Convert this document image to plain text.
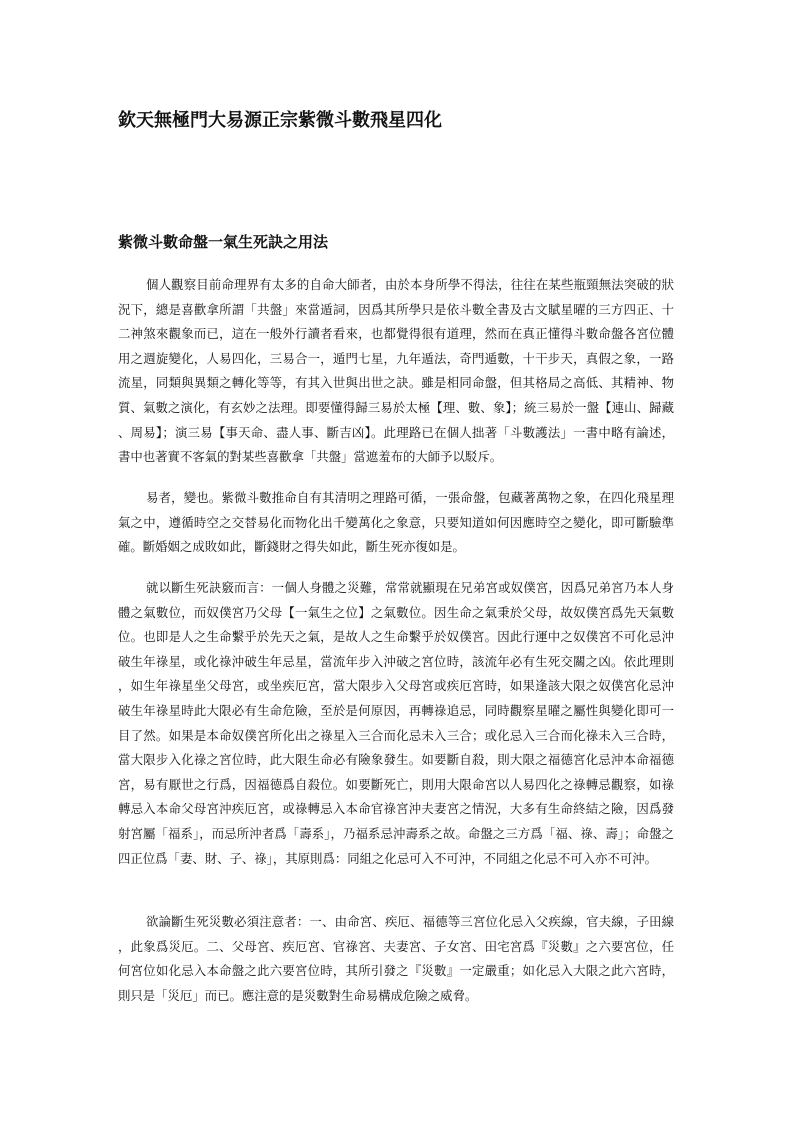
欽天無極門大易源正宗紫微斗數飛星四化
紫微斗數命盤一氣生死訣之用法

個人觀察目前命理界有太多的自命大師者，由於本身所學不得法，往往在某些瓶頸無法突破的狀況下，總是喜歡拿所謂「共盤」來當遁詞，因爲其所學只是依斗數全書及古文賦星曜的三方四正、十二神煞來觀象而已，這在一般外行讀者看來，也都覺得很有道理，然而在真正懂得斗數命盤各宮位體用之週旋變化，人易四化，三易合一，遁門七星，九年遁法，奇門遁數，十干步天，真假之象，一路流星，同類與異類之轉化等等，有其入世與出世之訣。雖是相同命盤，但其格局之高低、其精神、物質、氣數之演化，有玄妙之法理。即要懂得歸三易於太極【理、數、象】；統三易於一盤【連山、歸藏、周易】；演三易【事天命、盡人事、斷吉凶】。此理路已在個人拙著「斗數護法」一書中略有論述，書中也著實不客氣的對某些喜歡拿「共盤」當遮羞布的大師予以駁斥。

易者，變也。紫微斗數推命自有其清明之理路可循，一張命盤，包藏著萬物之象，在四化飛星理氣之中，遵循時空之交替易化而物化出千變萬化之象意，只要知道如何因應時空之變化，即可斷驗準確。斷婚姻之成敗如此，斷錢財之得失如此，斷生死亦復如是。

就以斷生死訣竅而言：一個人身體之災難，常常就顯現在兄弟宮或奴僕宮，因爲兄弟宮乃本人身體之氣數位，而奴僕宮乃父母【一氣生之位】之氣數位。因生命之氣秉於父母，故奴僕宮爲先天氣數位。也即是人之生命繫乎於先天之氣，是故人之生命繫乎於奴僕宮。因此行運中之奴僕宮不可化忌沖破生年祿星，或化祿沖破生年忌星，當流年步入沖破之宮位時，該流年必有生死交關之凶。依此理則，如生年祿星坐父母宮，或坐疾厄宮，當大限步入父母宮或疾厄宮時，如果逢該大限之奴僕宮化忌沖破生年祿星時此大限必有生命危險，至於是何原因，再轉祿追忌，同時觀察星曜之屬性與變化即可一目了然。如果是本命奴僕宮所化出之祿星入三合而化忌未入三合；或化忌入三合而化祿未入三合時，當大限步入化祿之宮位時，此大限生命必有險象發生。如要斷自殺，則大限之福德宮化忌沖本命福德宮，易有厭世之行爲，因福德爲自殺位。如要斷死亡，則用大限命宮以人易四化之祿轉忌觀察，如祿轉忌入本命父母宮沖疾厄宮，或祿轉忌入本命官祿宮沖夫妻宮之情況，大多有生命終結之險，因爲發射宮屬「福系」，而忌所沖者爲「壽系」，乃福系忌沖壽系之故。命盤之三方爲「福、祿、壽」；命盤之四正位爲「妻、財、子、祿」，其原則爲：同組之化忌可入不可沖，不同組之化忌不可入亦不可沖。

欲論斷生死災數必須注意者：一、由命宮、疾厄、福德等三宮位化忌入父疾線，官夫線，子田線，此象爲災厄。二、父母宮、疾厄宮、官祿宮、夫妻宮、子女宮、田宅宮爲『災數』之六要宮位，任何宮位如化忌入本命盤之此六要宮位時，其所引發之『災數』一定嚴重；如化忌入大限之此六宮時，則只是「災厄」而已。應注意的是災數對生命易構成危險之威脅。
